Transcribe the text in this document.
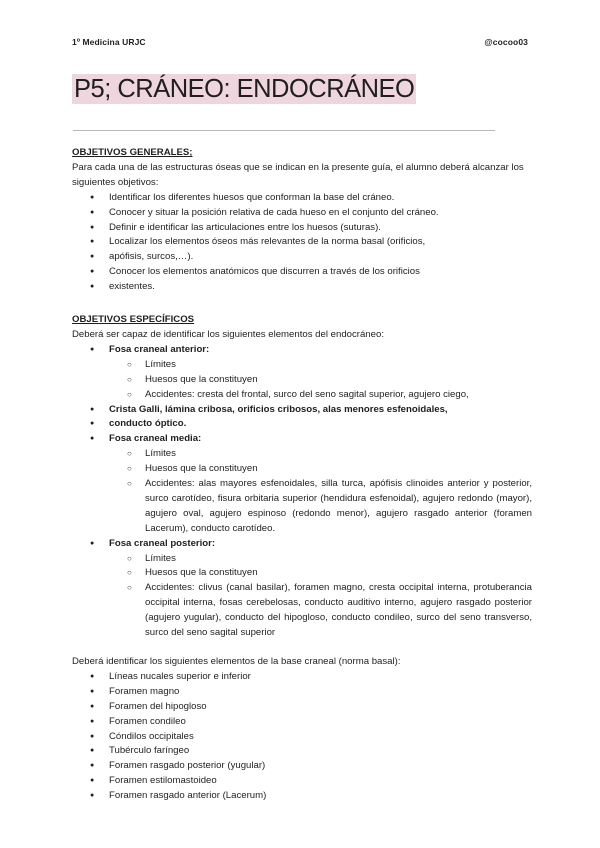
1º Medicina URJC	@cocoo03
P5; CRÁNEO: ENDOCRÁNEO

OBJETIVOS GENERALES;

Para cada una de las estructuras óseas que se indican en la presente guía, el alumno deberá alcanzar los siguientes objetivos:

● Identificar los diferentes huesos que conforman la base del cráneo.
● Conocer y situar la posición relativa de cada hueso en el conjunto del cráneo.
● Definir e identificar las articulaciones entre los huesos (suturas).
● Localizar los elementos óseos más relevantes de la norma basal (orificios,
● apófisis, surcos,…).
● Conocer los elementos anatómicos que discurren a través de los orificios
● existentes.

OBJETIVOS ESPECÍFICOS

Deberá ser capaz de identificar los siguientes elementos del endocráneo:

● Fosa craneal anterior:
○ Límites
○ Huesos que la constituyen
○ Accidentes: cresta del frontal, surco del seno sagital superior, agujero ciego,
● Crista Galli, lámina cribosa, orificios cribosos, alas menores esfenoidales,
● conducto óptico.
● Fosa craneal media:
○ Límites
○ Huesos que la constituyen
○ Accidentes: alas mayores esfenoidales, silla turca, apófisis clinoides anterior y posterior, surco carotídeo, fisura orbitaria superior (hendidura esfenoidal), agujero redondo (mayor), agujero oval, agujero espinoso (redondo menor), agujero rasgado anterior (foramen Lacerum), conducto carotídeo.
● Fosa craneal posterior:
○ Límites
○ Huesos que la constituyen
○ Accidentes: clivus (canal basilar), foramen magno, cresta occipital interna, protuberancia occipital interna, fosas cerebelosas, conducto auditivo interno, agujero rasgado posterior (agujero yugular), conducto del hipogloso, conducto condileo, surco del seno transverso, surco del seno sagital superior

Deberá identificar los siguientes elementos de la base craneal (norma basal):

● Líneas nucales superior e inferior
● Foramen magno
● Foramen del hipogloso
● Foramen condileo
● Cóndilos occipitales
● Tubérculo faríngeo
● Foramen rasgado posterior (yugular)
● Foramen estilomastoideo
● Foramen rasgado anterior (Lacerum)
